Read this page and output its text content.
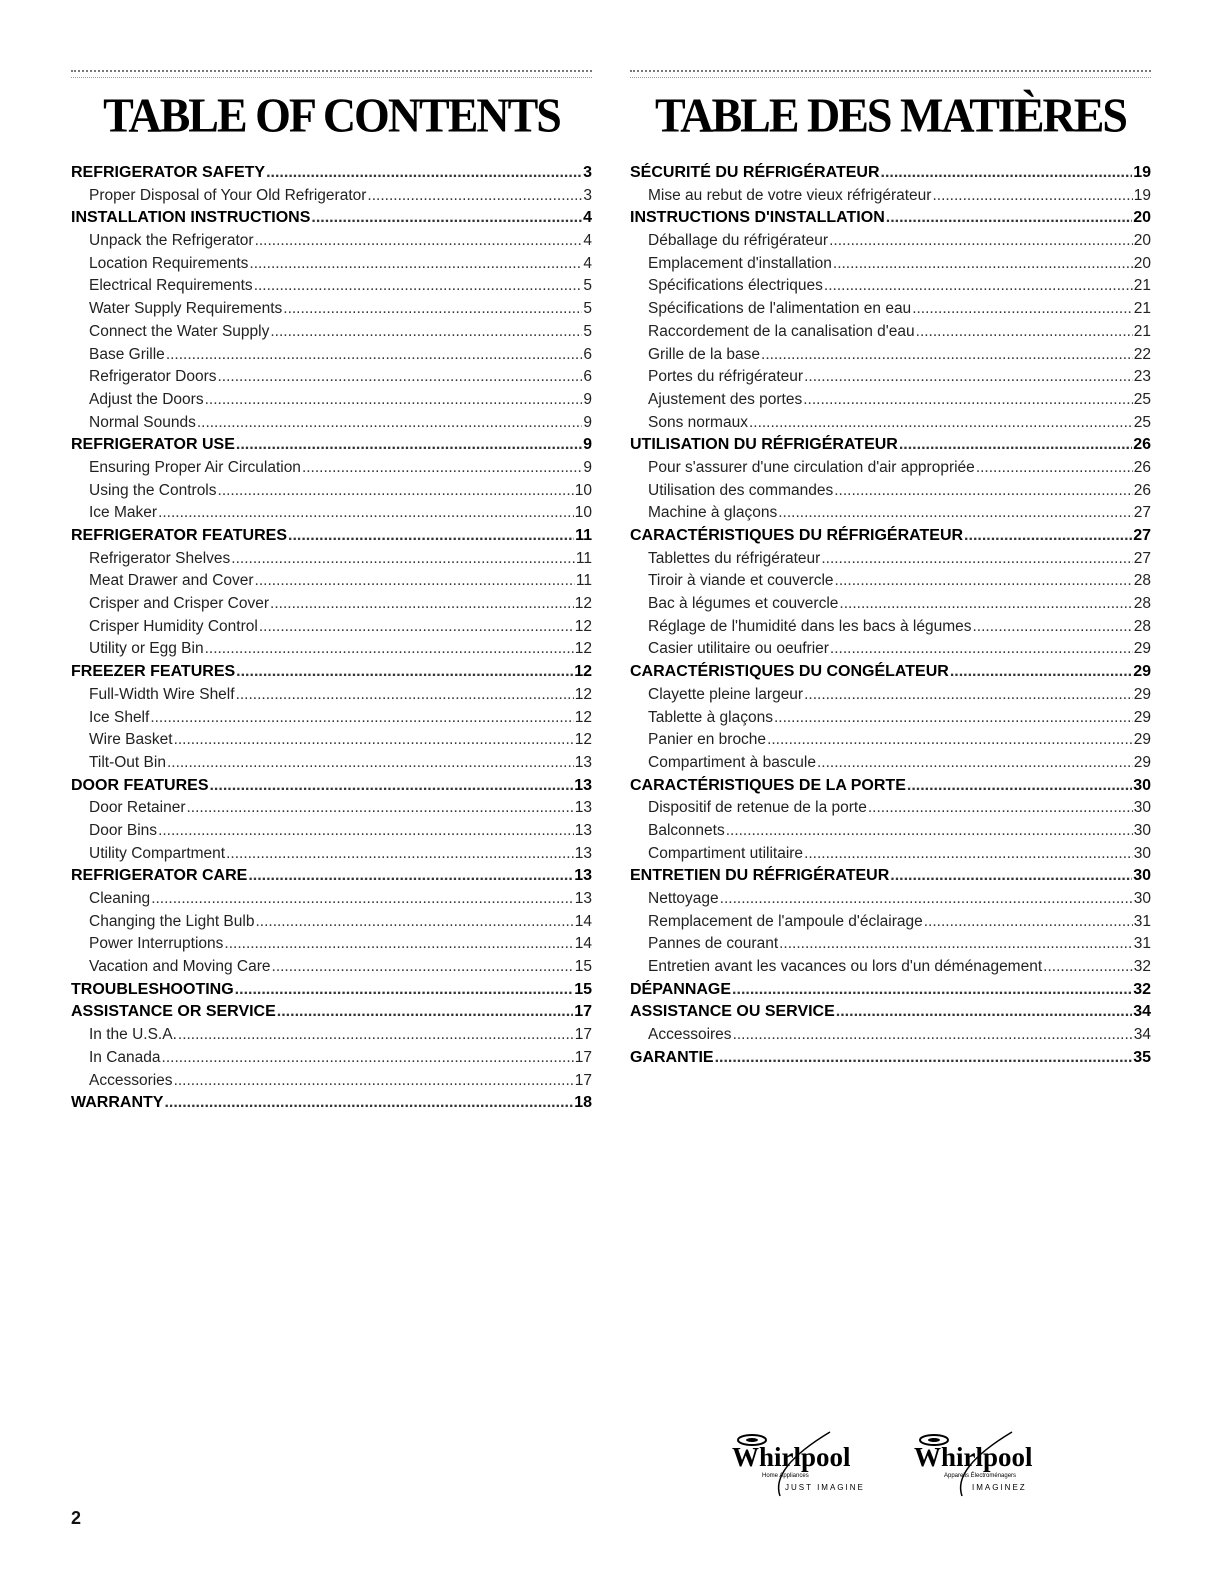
TABLE OF CONTENTS
REFRIGERATOR SAFETY .....	3
Proper Disposal of Your Old Refrigerator .....	3
INSTALLATION INSTRUCTIONS .....	4
Unpack the Refrigerator .....	4
Location Requirements .....	4
Electrical Requirements .....	5
Water Supply Requirements .....	5
Connect the Water Supply .....	5
Base Grille .....	6
Refrigerator Doors .....	6
Adjust the Doors .....	9
Normal Sounds .....	9
REFRIGERATOR USE .....	9
Ensuring Proper Air Circulation .....	9
Using the Controls .....	10
Ice Maker .....	10
REFRIGERATOR FEATURES .....	11
Refrigerator Shelves .....	11
Meat Drawer and Cover .....	11
Crisper and Crisper Cover .....	12
Crisper Humidity Control .....	12
Utility or Egg Bin .....	12
FREEZER FEATURES .....	12
Full-Width Wire Shelf .....	12
Ice Shelf .....	12
Wire Basket .....	12
Tilt-Out Bin .....	13
DOOR FEATURES .....	13
Door Retainer .....	13
Door Bins .....	13
Utility Compartment .....	13
REFRIGERATOR CARE .....	13
Cleaning .....	13
Changing the Light Bulb .....	14
Power Interruptions .....	14
Vacation and Moving Care .....	15
TROUBLESHOOTING .....	15
ASSISTANCE OR SERVICE .....	17
In the U.S.A. .....	17
In Canada .....	17
Accessories .....	17
WARRANTY .....	18
TABLE DES MATIÈRES
SÉCURITÉ DU RÉFRIGÉRATEUR .....	19
Mise au rebut de votre vieux réfrigérateur .....	19
INSTRUCTIONS D'INSTALLATION .....	20
Déballage du réfrigérateur .....	20
Emplacement d'installation .....	20
Spécifications électriques .....	21
Spécifications de l'alimentation en eau .....	21
Raccordement de la canalisation d'eau .....	21
Grille de la base .....	22
Portes du réfrigérateur .....	23
Ajustement des portes .....	25
Sons normaux .....	25
UTILISATION DU RÉFRIGÉRATEUR .....	26
Pour s'assurer d'une circulation d'air appropriée .....	26
Utilisation des commandes .....	26
Machine à glaçons .....	27
CARACTÉRISTIQUES DU RÉFRIGÉRATEUR .....	27
Tablettes du réfrigérateur .....	27
Tiroir à viande et couvercle .....	28
Bac à légumes et couvercle .....	28
Réglage de l'humidité dans les bacs à légumes .....	28
Casier utilitaire ou oeufrier .....	29
CARACTÉRISTIQUES DU CONGÉLATEUR .....	29
Clayette pleine largeur .....	29
Tablette à glaçons .....	29
Panier en broche .....	29
Compartiment à bascule .....	29
CARACTÉRISTIQUES DE LA PORTE .....	30
Dispositif de retenue de la porte .....	30
Balconnets .....	30
Compartiment utilitaire .....	30
ENTRETIEN DU RÉFRIGÉRATEUR .....	30
Nettoyage .....	30
Remplacement de l'ampoule d'éclairage .....	31
Pannes de courant .....	31
Entretien avant les vacances ou lors d'un déménagement .....	32
DÉPANNAGE .....	32
ASSISTANCE OU SERVICE .....	34
Accessoires .....	34
GARANTIE .....	35
Whirlpool
Home Appliances
JUST IMAGINE
Whirlpool
Appareils Électroménagers
IMAGINEZ
2
